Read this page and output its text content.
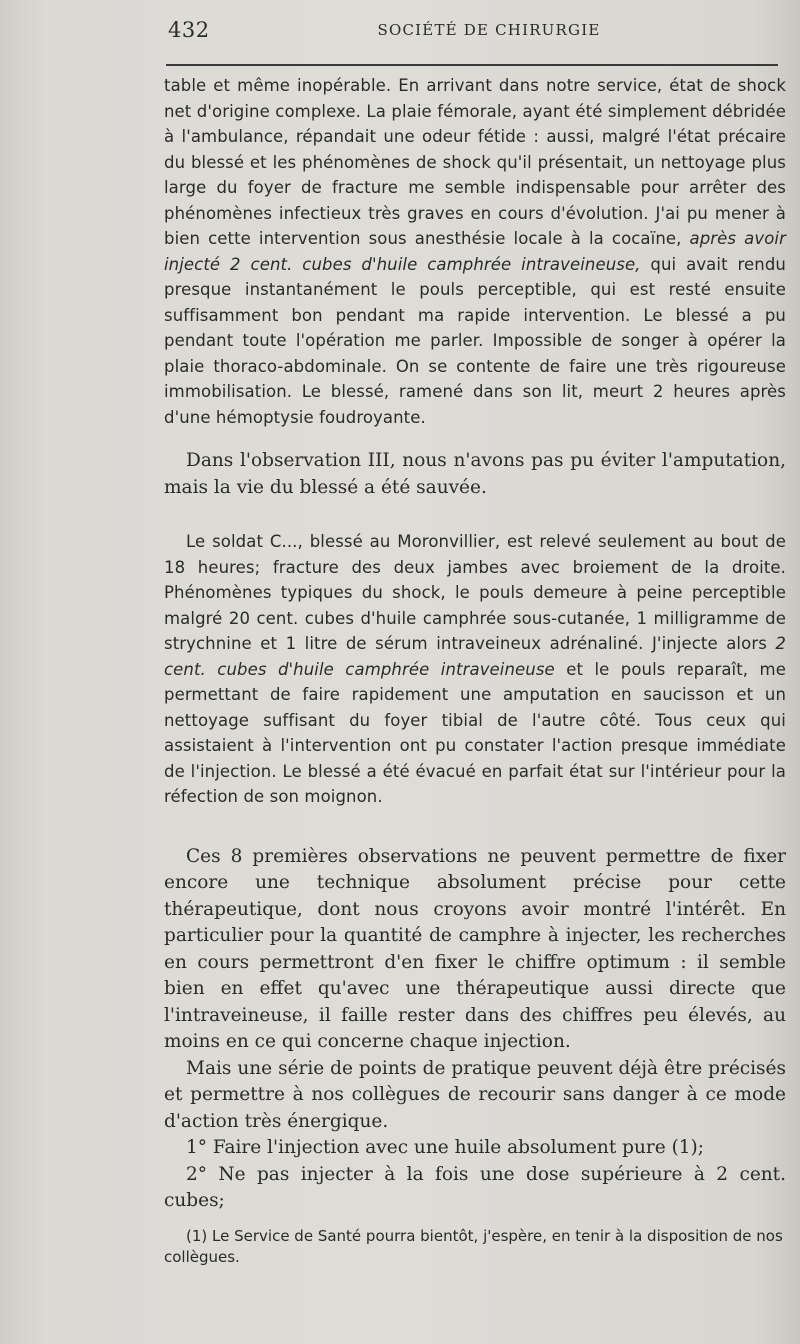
432	SOCIÉTÉ DE CHIRURGIE

table et même inopérable. En arrivant dans notre service, état de shock net d'origine complexe. La plaie fémorale, ayant été simplement débridée à l'ambulance, répandait une odeur fétide : aussi, malgré l'état précaire du blessé et les phénomènes de shock qu'il présentait, un nettoyage plus large du foyer de fracture me semble indispensable pour arrêter des phénomènes infectieux très graves en cours d'évolution. J'ai pu mener à bien cette intervention sous anesthésie locale à la cocaïne, après avoir injecté 2 cent. cubes d'huile camphrée intraveineuse, qui avait rendu presque instantanément le pouls perceptible, qui est resté ensuite suffisamment bon pendant ma rapide intervention. Le blessé a pu pendant toute l'opération me parler. Impossible de songer à opérer la plaie thoraco-abdominale. On se contente de faire une très rigoureuse immobilisation. Le blessé, ramené dans son lit, meurt 2 heures après d'une hémoptysie foudroyante.

Dans l'observation III, nous n'avons pas pu éviter l'amputation, mais la vie du blessé a été sauvée.

Le soldat C..., blessé au Moronvillier, est relevé seulement au bout de 18 heures; fracture des deux jambes avec broiement de la droite. Phénomènes typiques du shock, le pouls demeure à peine perceptible malgré 20 cent. cubes d'huile camphrée sous-cutanée, 1 milligramme de strychnine et 1 litre de sérum intraveineux adrénaliné. J'injecte alors 2 cent. cubes d'huile camphrée intraveineuse et le pouls reparaît, me permettant de faire rapidement une amputation en saucisson et un nettoyage suffisant du foyer tibial de l'autre côté. Tous ceux qui assistaient à l'intervention ont pu constater l'action presque immédiate de l'injection. Le blessé a été évacué en parfait état sur l'intérieur pour la réfection de son moignon.

Ces 8 premières observations ne peuvent permettre de fixer encore une technique absolument précise pour cette thérapeutique, dont nous croyons avoir montré l'intérêt. En particulier pour la quantité de camphre à injecter, les recherches en cours permettront d'en fixer le chiffre optimum : il semble bien en effet qu'avec une thérapeutique aussi directe que l'intraveineuse, il faille rester dans des chiffres peu élevés, au moins en ce qui concerne chaque injection.

Mais une série de points de pratique peuvent déjà être précisés et permettre à nos collègues de recourir sans danger à ce mode d'action très énergique.

1° Faire l'injection avec une huile absolument pure (1);

2° Ne pas injecter à la fois une dose supérieure à 2 cent. cubes;

(1) Le Service de Santé pourra bientôt, j'espère, en tenir à la disposition de nos collègues.
